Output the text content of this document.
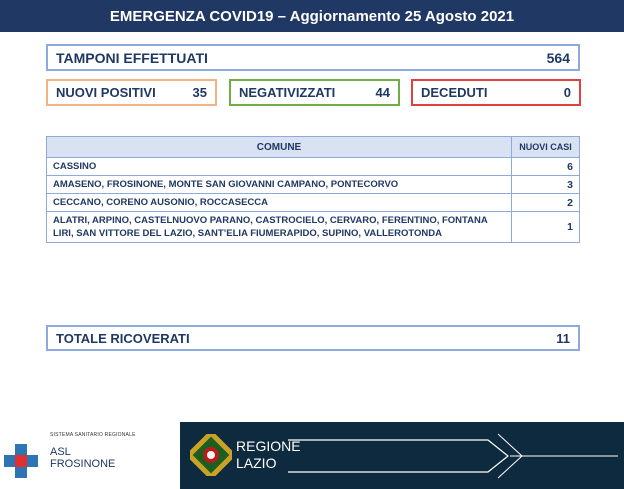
EMERGENZA COVID19 – Aggiornamento 25 Agosto 2021
TAMPONI EFFETTUATI	564
NUOVI POSITIVI	35 NEGATIVIZZATI	44 DECEDUTI	0
COMUNE	NUOVI CASI
CASSINO	6
AMASENO, FROSINONE, MONTE SAN GIOVANNI CAMPANO, PONTECORVO	3
CECCANO, CORENO AUSONIO, ROCCASECCA	2
ALATRI, ARPINO, CASTELNUOVO PARANO, CASTROCIELO, CERVARO, FERENTINO, FONTANA LIRI, SAN VITTORE DEL LAZIO, SANT’ELIA FIUMERAPIDO, SUPINO, VALLEROTONDA	1
TOTALE RICOVERATI	11
SISTEMA SANITARIO REGIONALE
ASL
FROSINONE
REGIONE
LAZIO
